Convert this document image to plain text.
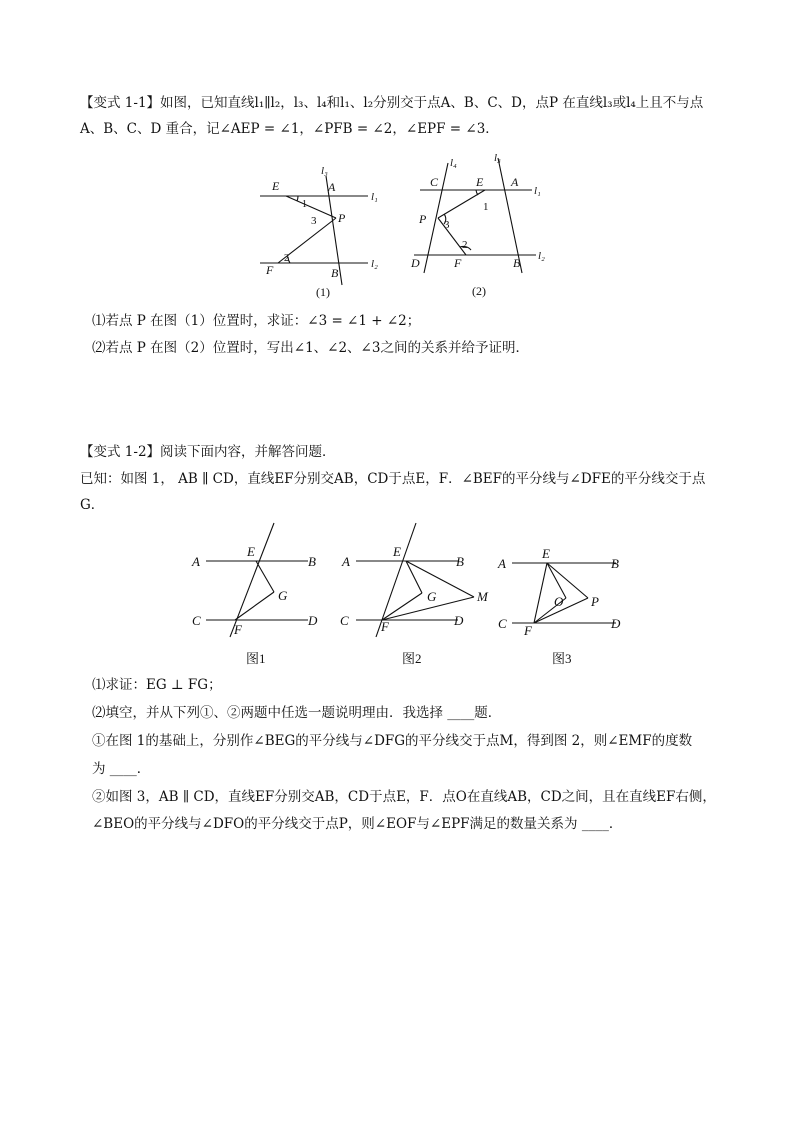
【变式 1-1】如图，已知直线l₁∥l₂，l₃、l₄和l₁、l₂分别交于点A、B、C、D，点P 在直线l₃或l₄上且不与点
A、B、C、D 重合，记∠AEP = ∠1，∠PFB = ∠2，∠EPF = ∠3．
E	A
l₃
l₁
1
3 P
2
F	B
l₂
(1)
l₄	l₃
C	E A
l₁
1
P 3
2
D	F	B l₂
(2)
⑴若点 P 在图（1）位置时，求证：∠3 = ∠1 + ∠2；
⑵若点 P 在图（2）位置时，写出∠1、∠2、∠3之间的关系并给予证明．
【变式 1-2】阅读下面内容，并解答问题．
已知：如图 1， AB ∥ CD，直线EF分别交AB，CD于点E，F．∠BEF的平分线与∠DFE的平分线交于点
G．
A
E
B
G
C
F
D
图1
A
E
B
G	M
C F	D
图2
A
E
B
O P
C F	D
图3
⑴求证：EG ⊥ FG；
⑵填空，并从下列①、②两题中任选一题说明理由．我选择 ____题．
①在图 1的基础上，分别作∠BEG的平分线与∠DFG的平分线交于点M，得到图 2，则∠EMF的度数
为 ____．
②如图 3，AB ∥ CD，直线EF分别交AB，CD于点E，F．点O在直线AB，CD之间，且在直线EF右侧，
∠BEO的平分线与∠DFO的平分线交于点P，则∠EOF与∠EPF满足的数量关系为 ____．
